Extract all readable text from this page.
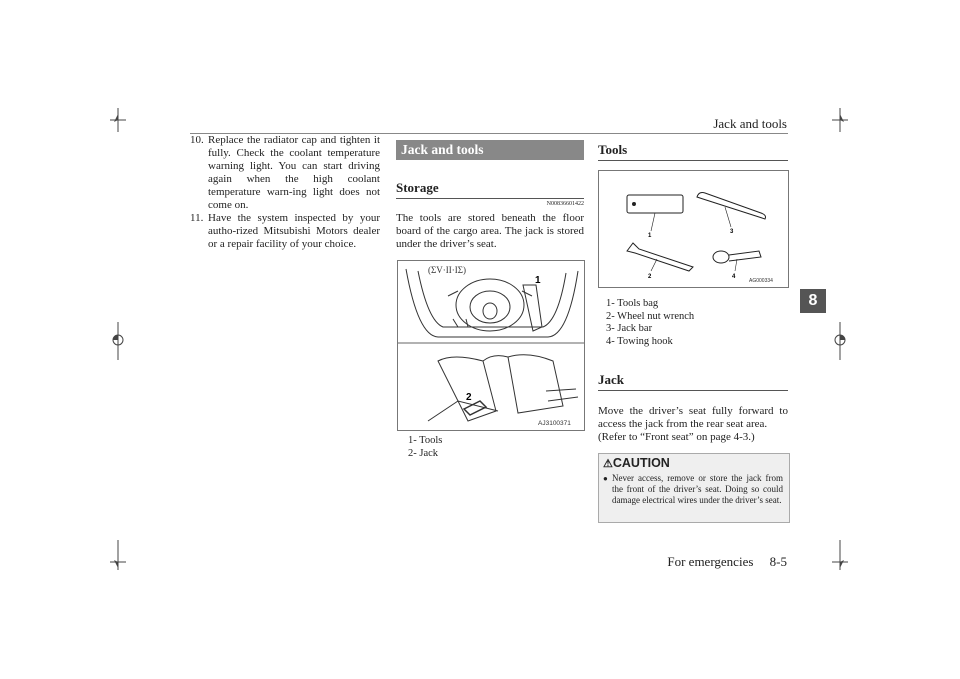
Jack and tools
8
For emergencies 8-5
10. Replace the radiator cap and tighten it fully. Check the coolant temperature warning light. You can start driving again when the high coolant temperature warn-ing light does not come on.
11. Have the system inspected by your autho-rized Mitsubishi Motors dealer or a repair facility of your choice.
Jack and tools
Storage
N00836601422
The tools are stored beneath the floor board of the cargo area. The jack is stored under the driver’s seat.
(ΣV·ΙΙ·ΙΣ)
1
2
AJ3100371
1- Tools
2- Jack
Tools
1
2
3
4
AG000334
1- Tools bag
2- Wheel nut wrench
3- Jack bar
4- Towing hook
Jack
Move the driver’s seat fully forward to access the jack from the rear seat area.
(Refer to “Front seat” on page 4-3.)
⚠CAUTION
● Never access, remove or store the jack from the front of the driver’s seat. Doing so could damage electrical wires under the driver’s seat.
